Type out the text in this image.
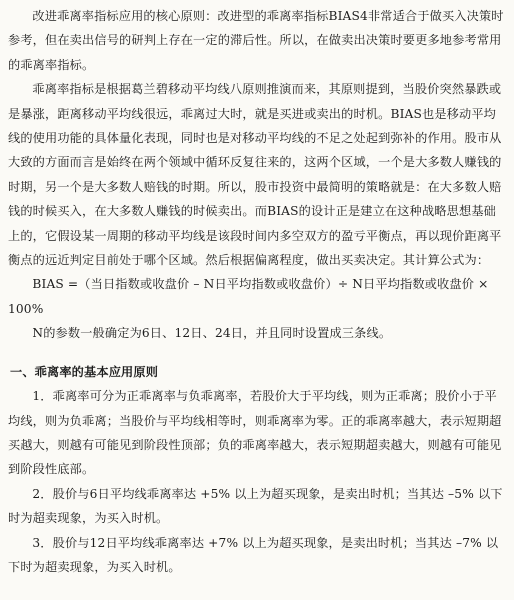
改进乖离率指标应用的核心原则：改进型的乖离率指标BIAS4非常适合于做买入决策时参考，但在卖出信号的研判上存在一定的滞后性。所以，在做卖出决策时要更多地参考常用的乖离率指标。

乖离率指标是根据葛兰碧移动平均线八原则推演而来，其原则提到，当股价突然暴跌或是暴涨，距离移动平均线很远，乖离过大时，就是买进或卖出的时机。BIAS也是移动平均线的使用功能的具体量化表现，同时也是对移动平均线的不足之处起到弥补的作用。股市从大致的方面而言是始终在两个领域中循环反复往来的，这两个区域，一个是大多数人赚钱的时期，另一个是大多数人赔钱的时期。所以，股市投资中最简明的策略就是：在大多数人赔钱的时候买入，在大多数人赚钱的时候卖出。而BIAS的设计正是建立在这种战略思想基础上的，它假设某一周期的移动平均线是该段时间内多空双方的盈亏平衡点，再以现价距离平衡点的远近判定目前处于哪个区域。然后根据偏离程度，做出买卖决定。其计算公式为：

BIAS =（当日指数或收盘价 – N日平均指数或收盘价）÷ N日平均指数或收盘价 × 100%

N的参数一般确定为6日、12日、24日，并且同时设置成三条线。

一、乖离率的基本应用原则

1．乖离率可分为正乖离率与负乖离率，若股价大于平均线，则为正乖离；股价小于平均线，则为负乖离；当股价与平均线相等时，则乖离率为零。正的乖离率越大，表示短期超买越大，则越有可能见到阶段性顶部；负的乖离率越大，表示短期超卖越大，则越有可能见到阶段性底部。

2．股价与6日平均线乖离率达 +5% 以上为超买现象，是卖出时机；当其达 –5% 以下时为超卖现象，为买入时机。

3．股价与12日平均线乖离率达 +7% 以上为超买现象，是卖出时机；当其达 –7% 以下时为超卖现象，为买入时机。
